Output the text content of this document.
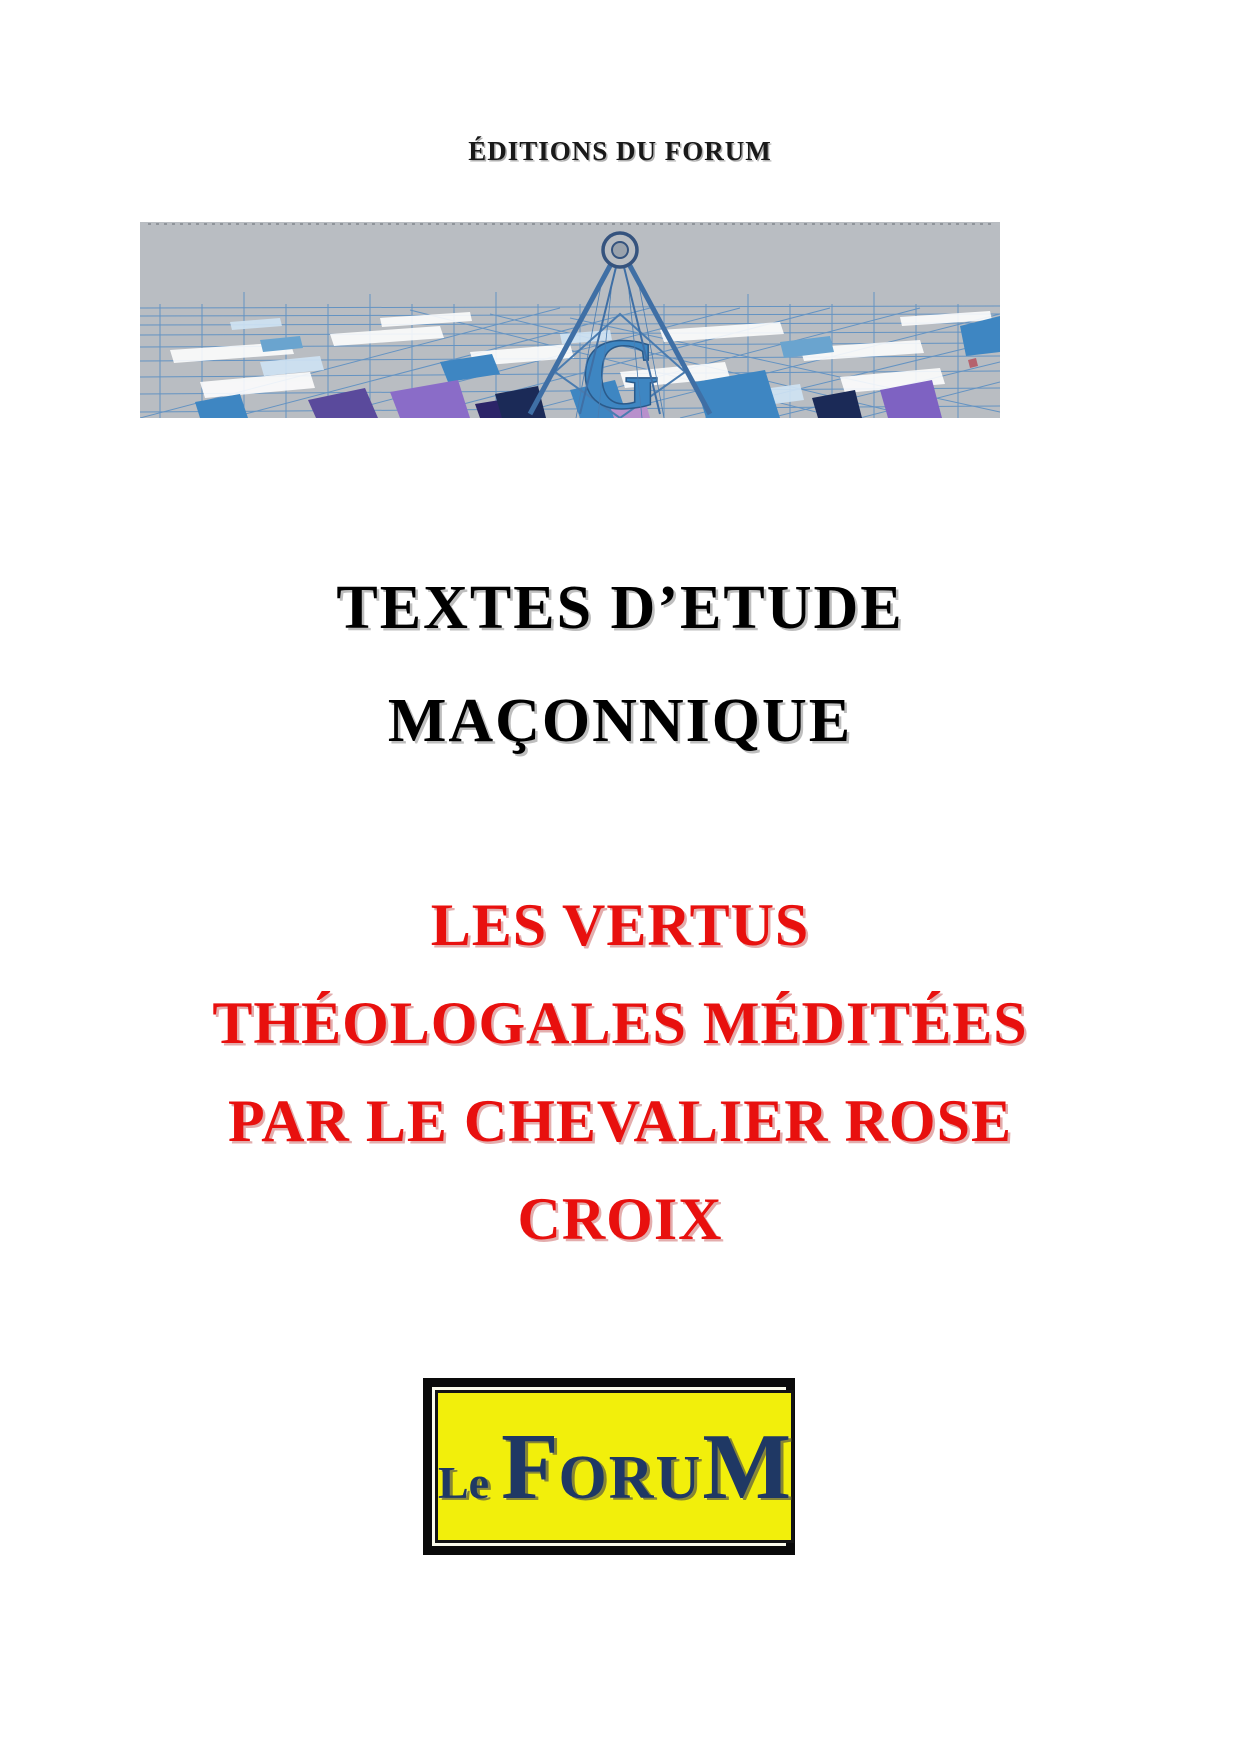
ÉDITIONS DU FORUM
G
TEXTES D’ETUDE
MAÇONNIQUE
LES VERTUS
THÉOLOGALES MÉDITÉES
PAR LE CHEVALIER ROSE
CROIX
Le FORUM
